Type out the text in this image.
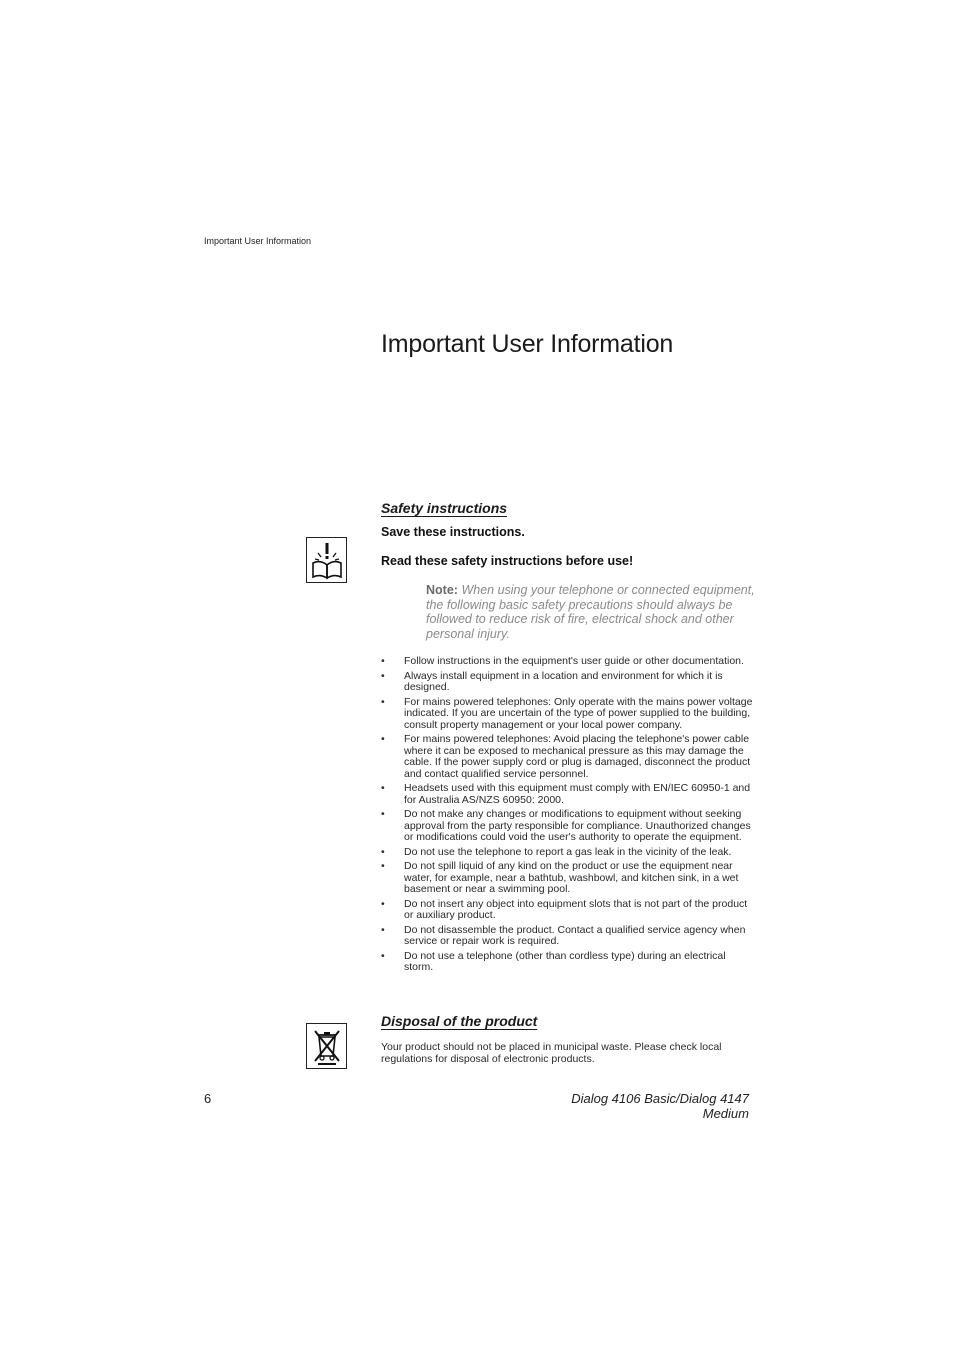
Important User Information
Important User Information
Safety instructions
Save these instructions.
Read these safety instructions before use!
Note: When using your telephone or connected equipment, the following basic safety precautions should always be followed to reduce risk of fire, electrical shock and other personal injury.
• Follow instructions in the equipment's user guide or other documentation.
• Always install equipment in a location and environment for which it is designed.
• For mains powered telephones: Only operate with the mains power voltage indicated. If you are uncertain of the type of power supplied to the building, consult property management or your local power company.
• For mains powered telephones: Avoid placing the telephone's power cable where it can be exposed to mechanical pressure as this may damage the cable. If the power supply cord or plug is damaged, disconnect the product and contact qualified service personnel.
• Headsets used with this equipment must comply with EN/IEC 60950-1 and for Australia AS/NZS 60950: 2000.
• Do not make any changes or modifications to equipment without seeking approval from the party responsible for compliance. Unauthorized changes or modifications could void the user's authority to operate the equipment.
• Do not use the telephone to report a gas leak in the vicinity of the leak.
• Do not spill liquid of any kind on the product or use the equipment near water, for example, near a bathtub, washbowl, and kitchen sink, in a wet basement or near a swimming pool.
• Do not insert any object into equipment slots that is not part of the product or auxiliary product.
• Do not disassemble the product. Contact a qualified service agency when service or repair work is required.
• Do not use a telephone (other than cordless type) during an electrical storm.
Disposal of the product
Your product should not be placed in municipal waste. Please check local regulations for disposal of electronic products.
6	Dialog 4106 Basic/Dialog 4147 Medium
